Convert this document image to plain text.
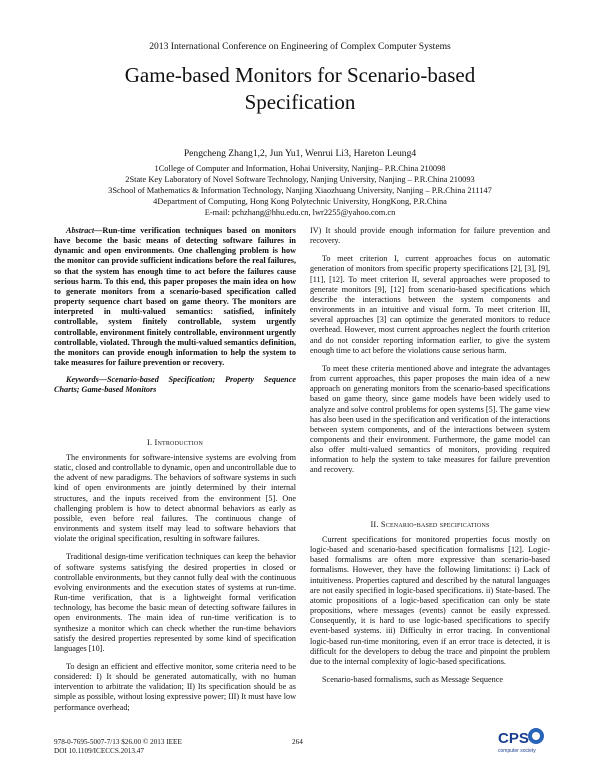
2013 International Conference on Engineering of Complex Computer Systems
Game-based Monitors for Scenario-based
Specification
Pengcheng Zhang1,2, Jun Yu1, Wenrui Li3, Hareton Leung4
1College of Computer and Information, Hohai University, Nanjing– P.R.China 210098
2State Key Laboratory of Novel Software Technology, Nanjing University, Nanjing – P.R.China 210093
3School of Mathematics & Information Technology, Nanjing Xiaozhuang University, Nanjing – P.R.China 211147
4Department of Computing, Hong Kong Polytechnic University, HongKong, P.R.China
E-mail: pchzhang@hhu.edu.cn, lwr2255@yahoo.com.cn

Abstract—Run-time verification techniques based on monitors have become the basic means of detecting software failures in dynamic and open environments. One challenging problem is how the monitor can provide sufficient indications before the real failures, so that the system has enough time to act before the failures cause serious harm. To this end, this paper proposes the main idea on how to generate monitors from a scenario-based specification called property sequence chart based on game theory. The monitors are interpreted in multi-valued semantics: satisfied, infinitely controllable, system finitely controllable, system urgently controllable, environment finitely controllable, environment urgently controllable, violated. Through the multi-valued semantics definition, the monitors can provide enough information to help the system to take measures for failure prevention or recovery.

Keywords—Scenario-based Specification; Property Sequence Charts; Game-based Monitors

I. Introduction

The environments for software-intensive systems are evolving from static, closed and controllable to dynamic, open and uncontrollable due to the advent of new paradigms. The behaviors of software systems in such kind of open environments are jointly determined by their internal structures, and the inputs received from the environment [5]. One challenging problem is how to detect abnormal behaviors as early as possible, even before real failures. The continuous change of environments and system itself may lead to software behaviors that violate the original specification, resulting in software failures.

Traditional design-time verification techniques can keep the behavior of software systems satisfying the desired properties in closed or controllable environments, but they cannot fully deal with the continuous evolving environments and the execution states of systems at run-time. Run-time verification, that is a lightweight formal verification technology, has become the basic mean of detecting software failures in open environments. The main idea of run-time verification is to synthesize a monitor which can check whether the run-time behaviors satisfy the desired properties represented by some kind of specification languages [10].

To design an efficient and effective monitor, some criteria need to be considered: I) It should be generated automatically, with no human intervention to arbitrate the validation; II) Its specification should be as simple as possible, without losing expressive power; III) It must have low performance overhead;

IV) It should provide enough information for failure prevention and recovery.

To meet criterion I, current approaches focus on automatic generation of monitors from specific property specifications [2], [3], [9], [11], [12]. To meet criterion II, several approaches were proposed to generate monitors [9], [12] from scenario-based specifications which describe the interactions between the system components and environments in an intuitive and visual form. To meet criterion III, several approaches [3] can optimize the generated monitors to reduce overhead. However, most current approaches neglect the fourth criterion and do not consider reporting information earlier, to give the system enough time to act before the violations cause serious harm.

To meet these criteria mentioned above and integrate the advantages from current approaches, this paper proposes the main idea of a new approach on generating monitors from the scenario-based specifications based on game theory, since game models have been widely used to analyze and solve control problems for open systems [5]. The game view has also been used in the specification and verification of the interactions between system components, and of the interactions between system components and their environment. Furthermore, the game model can also offer multi-valued semantics of monitors, providing required information to help the system to take measures for failure prevention and recovery.

II. Scenario-based specifications

Current specifications for monitored properties focus mostly on logic-based and scenario-based specification formalisms [12]. Logic-based formalisms are often more expressive than scenario-based formalisms. However, they have the following limitations: i) Lack of intuitiveness. Properties captured and described by the natural languages are not easily specified in logic-based specifications. ii) State-based. The atomic propositions of a logic-based specification can only be state propositions, where messages (events) cannot be easily expressed. Consequently, it is hard to use logic-based specifications to specify event-based systems. iii) Difficulty in error tracing. In conventional logic-based run-time monitoring, even if an error trace is detected, it is difficult for the developers to debug the trace and pinpoint the problem due to the internal complexity of logic-based specifications.

Scenario-based formalisms, such as Message Sequence

978-0-7695-5007-7/13 $26.00 © 2013 IEEE
DOI 10.1109/ICECCS.2013.47
264	CPS
computer society
